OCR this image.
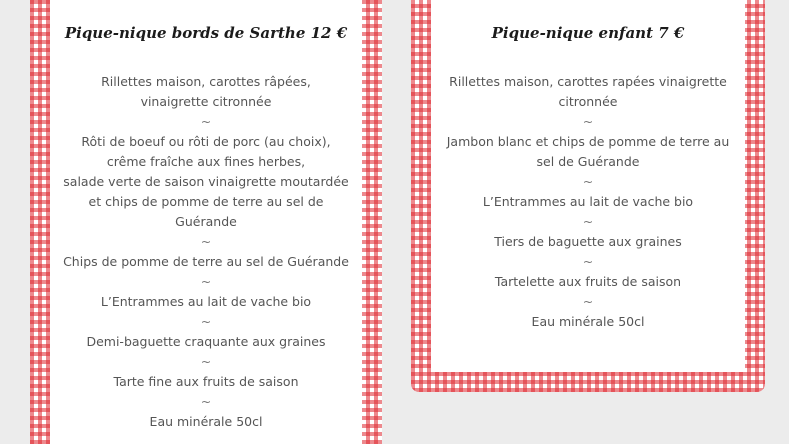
Pique-nique bords de Sarthe 12 €
Rillettes maison, carottes râpées,
vinaigrette citronnée
~
Rôti de boeuf ou rôti de porc (au choix),
crême fraîche aux fines herbes,
salade verte de saison vinaigrette moutardée
et chips de pomme de terre au sel de
Guérande
~
Chips de pomme de terre au sel de Guérande
~
L’Entrammes au lait de vache bio
~
Demi-baguette craquante aux graines
~
Tarte fine aux fruits de saison
~
Eau minérale 50cl
Pique-nique enfant 7 €
Rillettes maison, carottes rapées vinaigrette
citronnée
~
Jambon blanc et chips de pomme de terre au
sel de Guérande
~
L’Entrammes au lait de vache bio
~
Tiers de baguette aux graines
~
Tartelette aux fruits de saison
~
Eau minérale 50cl
